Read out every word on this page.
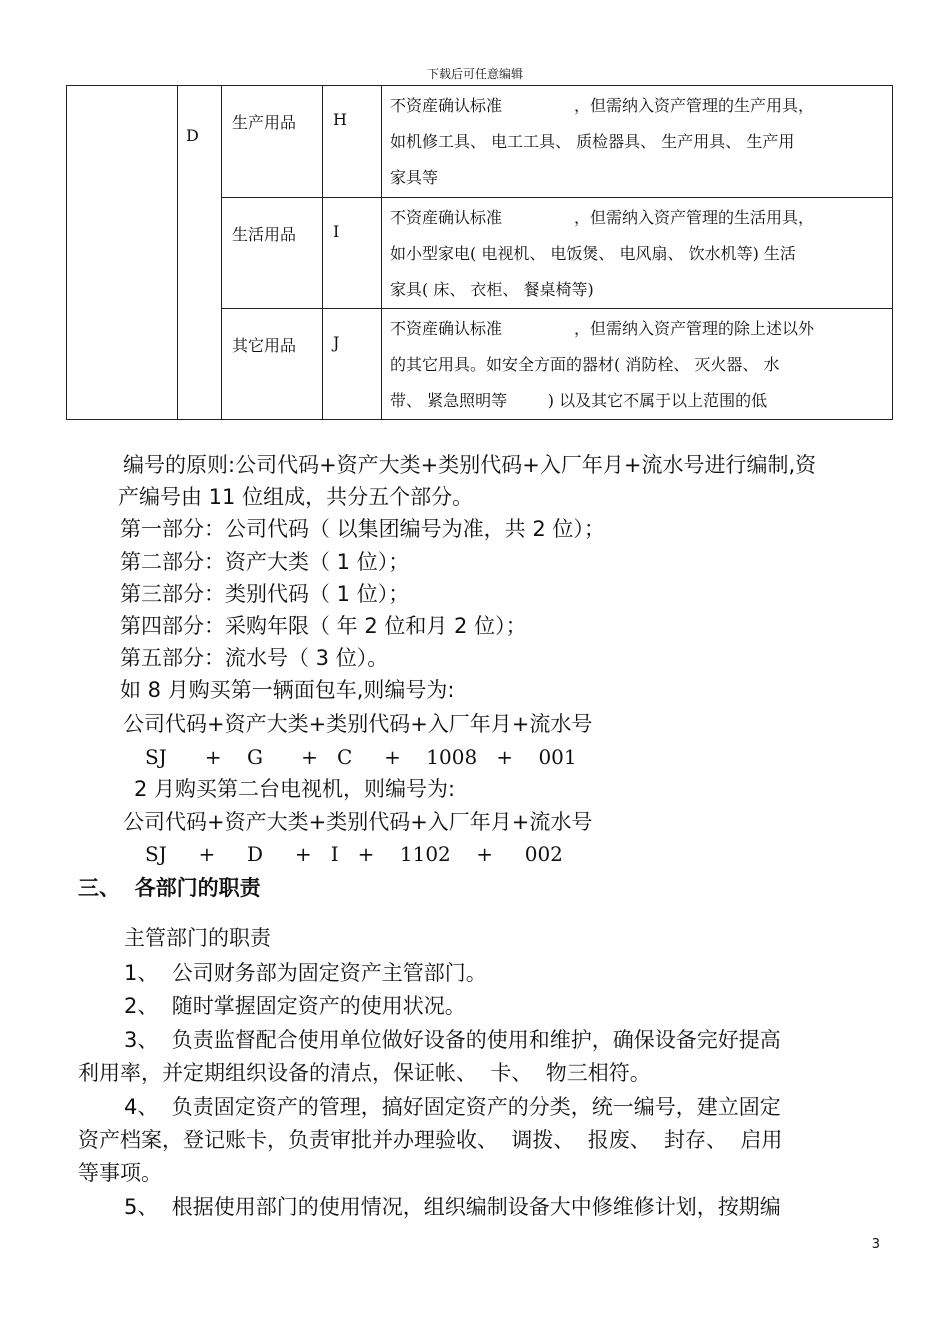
下载后可任意编辑

	D	生产用品	H	不资産确认标准 ，但需纳入资产管理的生产用具，
如机修工具、 电工工具、 质检器具、 生产用具、 生产用
家具等

		生活用品	I	不资産确认标准 ，但需纳入资产管理的生活用具，
如小型家电( 电视机、 电饭煲、 电风扇、 饮水机等) 生活
家具( 床、 衣柜、 餐桌椅等)

		其它用品	J	不资産确认标准 ，但需纳入资产管理的除上述以外
的其它用具。如安全方面的器材( 消防栓、 灭火器、 水
带、 紧急照明等        ) 以及其它不属于以上范围的低
编号的原则:公司代码+资产大类+类别代码+入厂年月+流水号进行编制,资
产编号由 11 位组成，共分五个部分。
第一部分：公司代码（ 以集团编号为准，共 2 位）；
第二部分：资产大类（ 1 位）；
第三部分：类别代码（ 1 位）；
第四部分：采购年限（ 年 2 位和月 2 位）；
第五部分：流水号（ 3 位）。
如 8 月购买第一辆面包车,则编号为:
公司代码+资产大类+类别代码+入厂年月+流水号
SJ      +    G      +   C     +    1008   +    001
2 月购买第二台电视机，则编号为:
公司代码+资产大类+类别代码+入厂年月+流水号
SJ     +     D     +   I   +    1102    +     002
三、  各部门的职责
主管部门的职责
1、  公司财务部为固定资产主管部门。
2、  随时掌握固定资产的使用状况。
3、  负责监督配合使用单位做好设备的使用和维护，确保设备完好提高
利用率，并定期组织设备的清点，保证帐、  卡、  物三相符。
4、  负责固定资产的管理，搞好固定资产的分类，统一编号，建立固定
资产档案，登记账卡，负责审批并办理验收、  调拨、  报废、  封存、  启用
等事项。
5、  根据使用部门的使用情况，组织编制设备大中修维修计划，按期编
3
